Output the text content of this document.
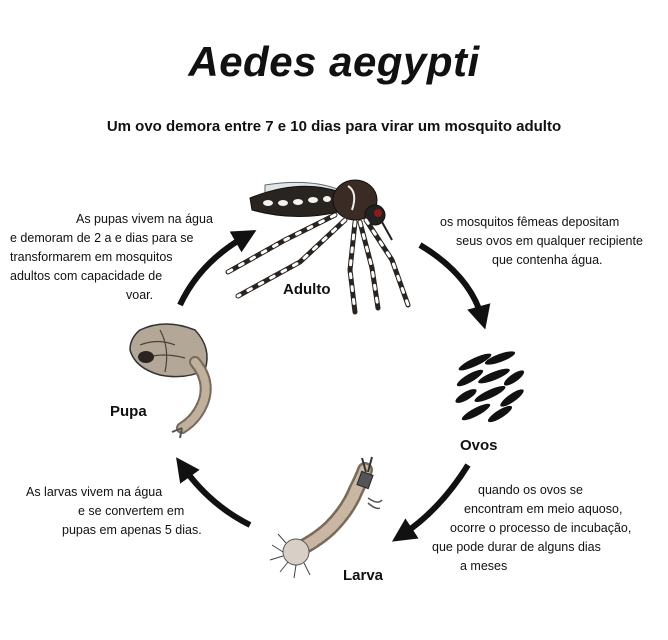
Aedes aegypti
Um ovo demora entre 7 e 10 dias para virar um mosquito adulto
Adulto
Ovos
Larva
Pupa
os mosquitos fêmeas depositam
seus ovos em qualquer recipiente
que contenha água.
quando os ovos se
encontram em meio aquoso,
ocorre o processo de incubação,
que pode durar de alguns dias
a meses
As larvas vivem na água
e se convertem em
pupas em apenas 5 dias.
As pupas vivem na água
e demoram de 2 a e dias para se
transformarem em mosquitos
adultos com capacidade de
voar.
